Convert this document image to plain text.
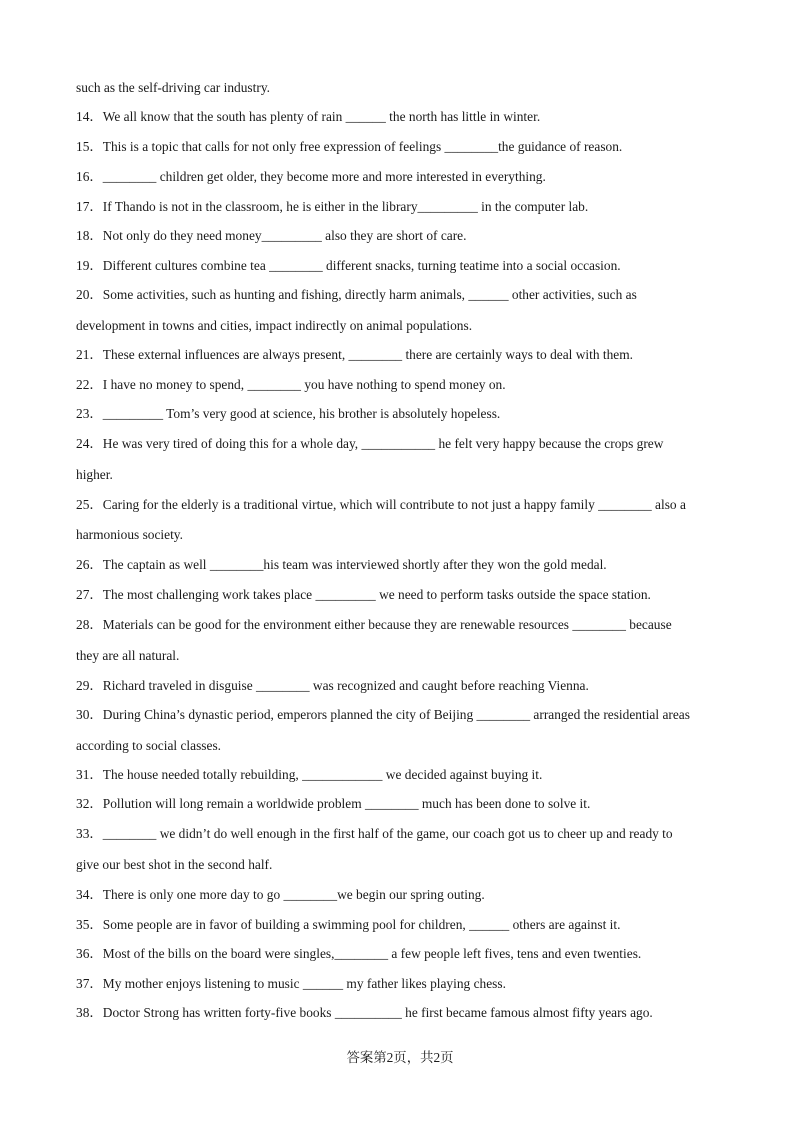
such as the self-driving car industry.
14．We all know that the south has plenty of rain ______ the north has little in winter.
15．This is a topic that calls for not only free expression of feelings ________the guidance of reason.
16．________ children get older, they become more and more interested in everything.
17．If Thando is not in the classroom, he is either in the library_________ in the computer lab.
18．Not only do they need money_________ also they are short of care.
19．Different cultures combine tea ________ different snacks, turning teatime into a social occasion.
20．Some activities, such as hunting and fishing, directly harm animals, ______ other activities, such as
development in towns and cities, impact indirectly on animal populations.
21．These external influences are always present, ________ there are certainly ways to deal with them.
22．I have no money to spend, ________ you have nothing to spend money on.
23．_________ Tom’s very good at science, his brother is absolutely hopeless.
24．He was very tired of doing this for a whole day, ___________ he felt very happy because the crops grew
higher.
25．Caring for the elderly is a traditional virtue, which will contribute to not just a happy family ________ also a
harmonious society.
26．The captain as well ________his team was interviewed shortly after they won the gold medal.
27．The most challenging work takes place _________ we need to perform tasks outside the space station.
28．Materials can be good for the environment either because they are renewable resources ________ because
they are all natural.
29．Richard traveled in disguise ________ was recognized and caught before reaching Vienna.
30．During China’s dynastic period, emperors planned the city of Beijing ________ arranged the residential areas
according to social classes.
31．The house needed totally rebuilding, ____________ we decided against buying it.
32．Pollution will long remain a worldwide problem ________ much has been done to solve it.
33．________ we didn’t do well enough in the first half of the game, our coach got us to cheer up and ready to
give our best shot in the second half.
34．There is only one more day to go ________we begin our spring outing.
35．Some people are in favor of building a swimming pool for children, ______ others are against it.
36．Most of the bills on the board were singles,________ a few people left fives, tens and even twenties.
37．My mother enjoys listening to music ______ my father likes playing chess.
38．Doctor Strong has written forty-five books __________ he first became famous almost fifty years ago.
答案第2页，共2页
